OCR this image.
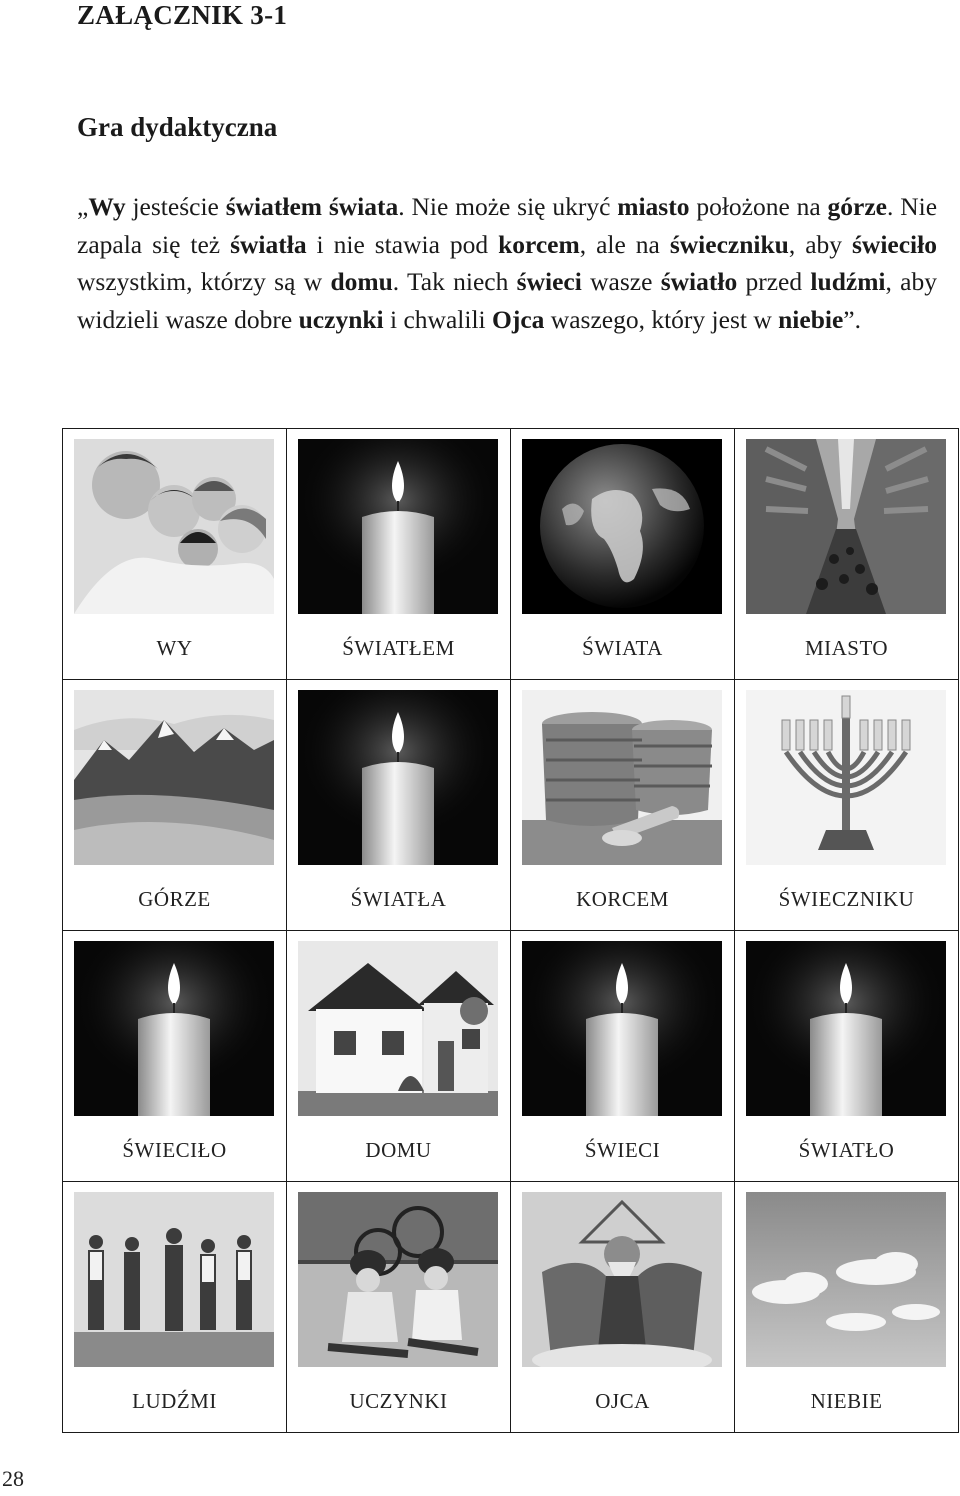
ZAŁĄCZNIK 3-1
Gra dydaktyczna

„Wy jesteście światłem świata. Nie może się ukryć miasto położone na górze. Nie zapala się też światła i nie stawia pod korcem, ale na świeczniku, aby świeciło wszystkim, którzy są w domu. Tak niech świeci wasze światło przed ludźmi, aby widzieli wasze dobre uczynki i chwalili Ojca waszego, który jest w niebie”.

WY	ŚWIATŁEM	ŚWIATA	MIASTO

GÓRZE	ŚWIATŁA	KORCEM	ŚWIECZNIKU

ŚWIECIŁO	DOMU	ŚWIECI	ŚWIATŁO

LUDŹMI	UCZYNKI	OJCA	NIEBIE

28
